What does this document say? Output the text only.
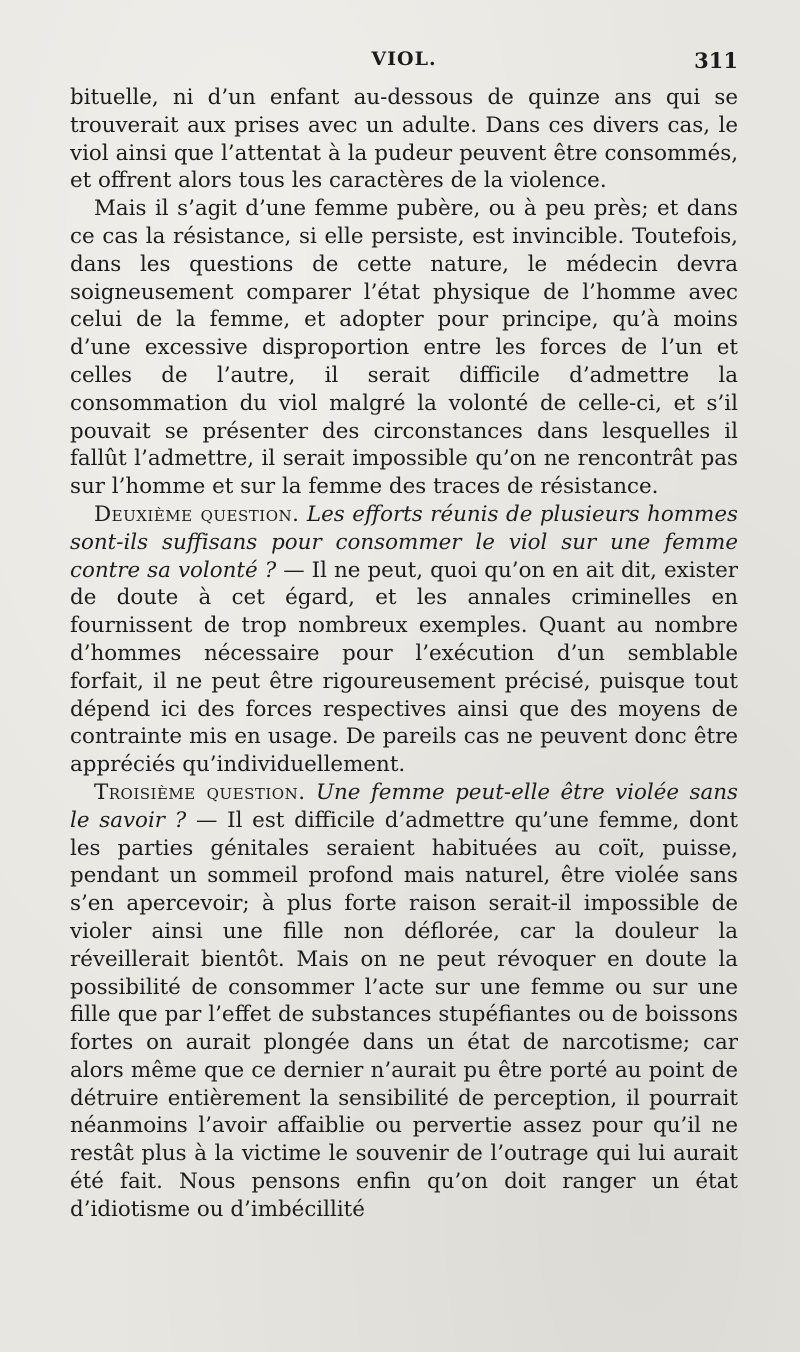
VIOL.	311

bituelle, ni d’un enfant au-dessous de quinze ans qui se trouverait aux prises avec un adulte. Dans ces divers cas, le viol ainsi que l’attentat à la pudeur peuvent être consommés, et offrent alors tous les caractères de la violence.

Mais il s’agit d’une femme pubère, ou à peu près; et dans ce cas la résistance, si elle persiste, est invincible. Toutefois, dans les questions de cette nature, le médecin devra soigneusement comparer l’état physique de l’homme avec celui de la femme, et adopter pour principe, qu’à moins d’une excessive disproportion entre les forces de l’un et celles de l’autre, il serait difficile d’admettre la consommation du viol malgré la volonté de celle-ci, et s’il pouvait se présenter des circonstances dans lesquelles il fallût l’admettre, il serait impossible qu’on ne rencontrât pas sur l’homme et sur la femme des traces de résistance.

Deuxième question. Les efforts réunis de plusieurs hommes sont-ils suffisans pour consommer le viol sur une femme contre sa volonté ? — Il ne peut, quoi qu’on en ait dit, exister de doute à cet égard, et les annales criminelles en fournissent de trop nombreux exemples. Quant au nombre d’hommes nécessaire pour l’exécution d’un semblable forfait, il ne peut être rigoureusement précisé, puisque tout dépend ici des forces respectives ainsi que des moyens de contrainte mis en usage. De pareils cas ne peuvent donc être appréciés qu’individuellement.

Troisième question. Une femme peut-elle être violée sans le savoir ? — Il est difficile d’admettre qu’une femme, dont les parties génitales seraient habituées au coït, puisse, pendant un sommeil profond mais naturel, être violée sans s’en apercevoir; à plus forte raison serait-il impossible de violer ainsi une fille non déflorée, car la douleur la réveillerait bientôt. Mais on ne peut révoquer en doute la possibilité de consommer l’acte sur une femme ou sur une fille que par l’effet de substances stupéfiantes ou de boissons fortes on aurait plongée dans un état de narcotisme; car alors même que ce dernier n’aurait pu être porté au point de détruire entièrement la sensibilité de perception, il pourrait néanmoins l’avoir affaiblie ou pervertie assez pour qu’il ne restât plus à la victime le souvenir de l’outrage qui lui aurait été fait. Nous pensons enfin qu’on doit ranger un état d’idiotisme ou d’imbécillité
